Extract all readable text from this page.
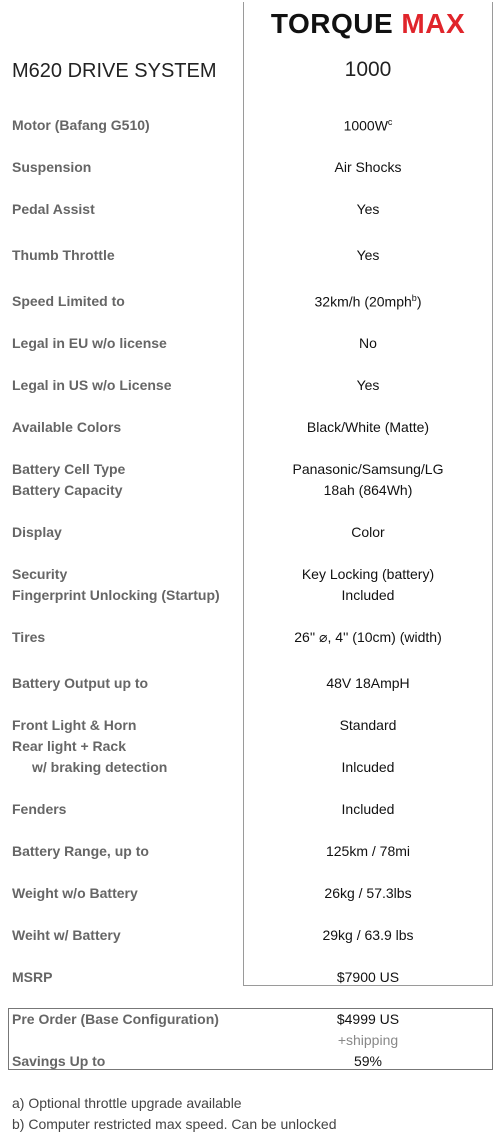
TORQUE MAX
M620 DRIVE SYSTEM	1000
Motor (Bafang G510)	$1000W^c$
Suspension	Air Shocks
Pedal Assist	Yes
Thumb Throttle	Yes
Speed Limited to	32km/h (20mph$^b$)
Legal in EU w/o license	No
Legal in US w/o License	Yes
Available Colors	Black/White (Matte)
Battery Cell Type	Panasonic/Samsung/LG
Battery Capacity	18ah (864Wh)
Display	Color
Security	Key Locking (battery)
Fingerprint Unlocking (Startup)	Included
Tires	26'' ⌀, 4'' (10cm) (width)
Battery Output up to	48V 18AmpH
Front Light & Horn	Standard
Rear light + Rack
w/ braking detection	Inlcuded
Fenders	Included
Battery Range, up to	125km / 78mi
Weight w/o Battery	26kg / 57.3lbs
Weiht w/ Battery	29kg / 63.9 lbs
MSRP	$7900 US
Pre Order (Base Configuration)	$4999 US
+shipping
Savings Up to	59%
a) Optional throttle upgrade available
b) Computer restricted max speed. Can be unlocked
